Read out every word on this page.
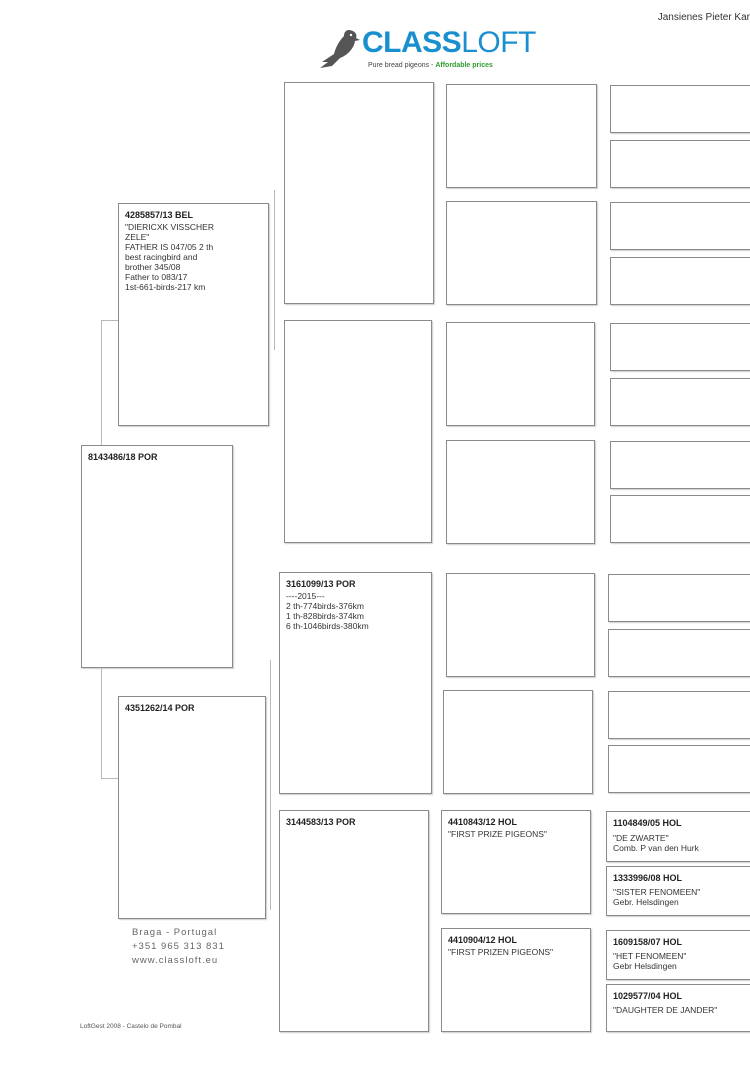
Jansienes Pieter Kar
CLASSLOFT
Pure bread pigeons - Affordable prices
8143486/18 POR
4285857/13 BEL
"DIERICXK VISSCHER
ZELE"
FATHER IS 047/05 2 th
best racingbird and
brother 345/08
Father to 083/17
1st-661-birds-217 km
4351262/14 POR
3161099/13 POR
----2015---
2 th-774birds-376km
1 th-828birds-374km
6 th-1046birds-380km
3144583/13 POR	4410843/12 HOL
"FIRST PRIZE PIGEONS"
4410904/12 HOL
"FIRST PRIZEN PIGEONS"
1104849/05 HOL
"DE ZWARTE"
Comb. P van den Hurk
1333996/08 HOL
"SISTER FENOMEEN"
Gebr. Helsdingen
1609158/07 HOL
"HET FENOMEEN"
Gebr Helsdingen
1029577/04 HOL
"DAUGHTER DE JANDER"
Braga - Portugal
+351 965 313 831
www.classloft.eu
LoftGest 2008 - Castelo de Pombal
